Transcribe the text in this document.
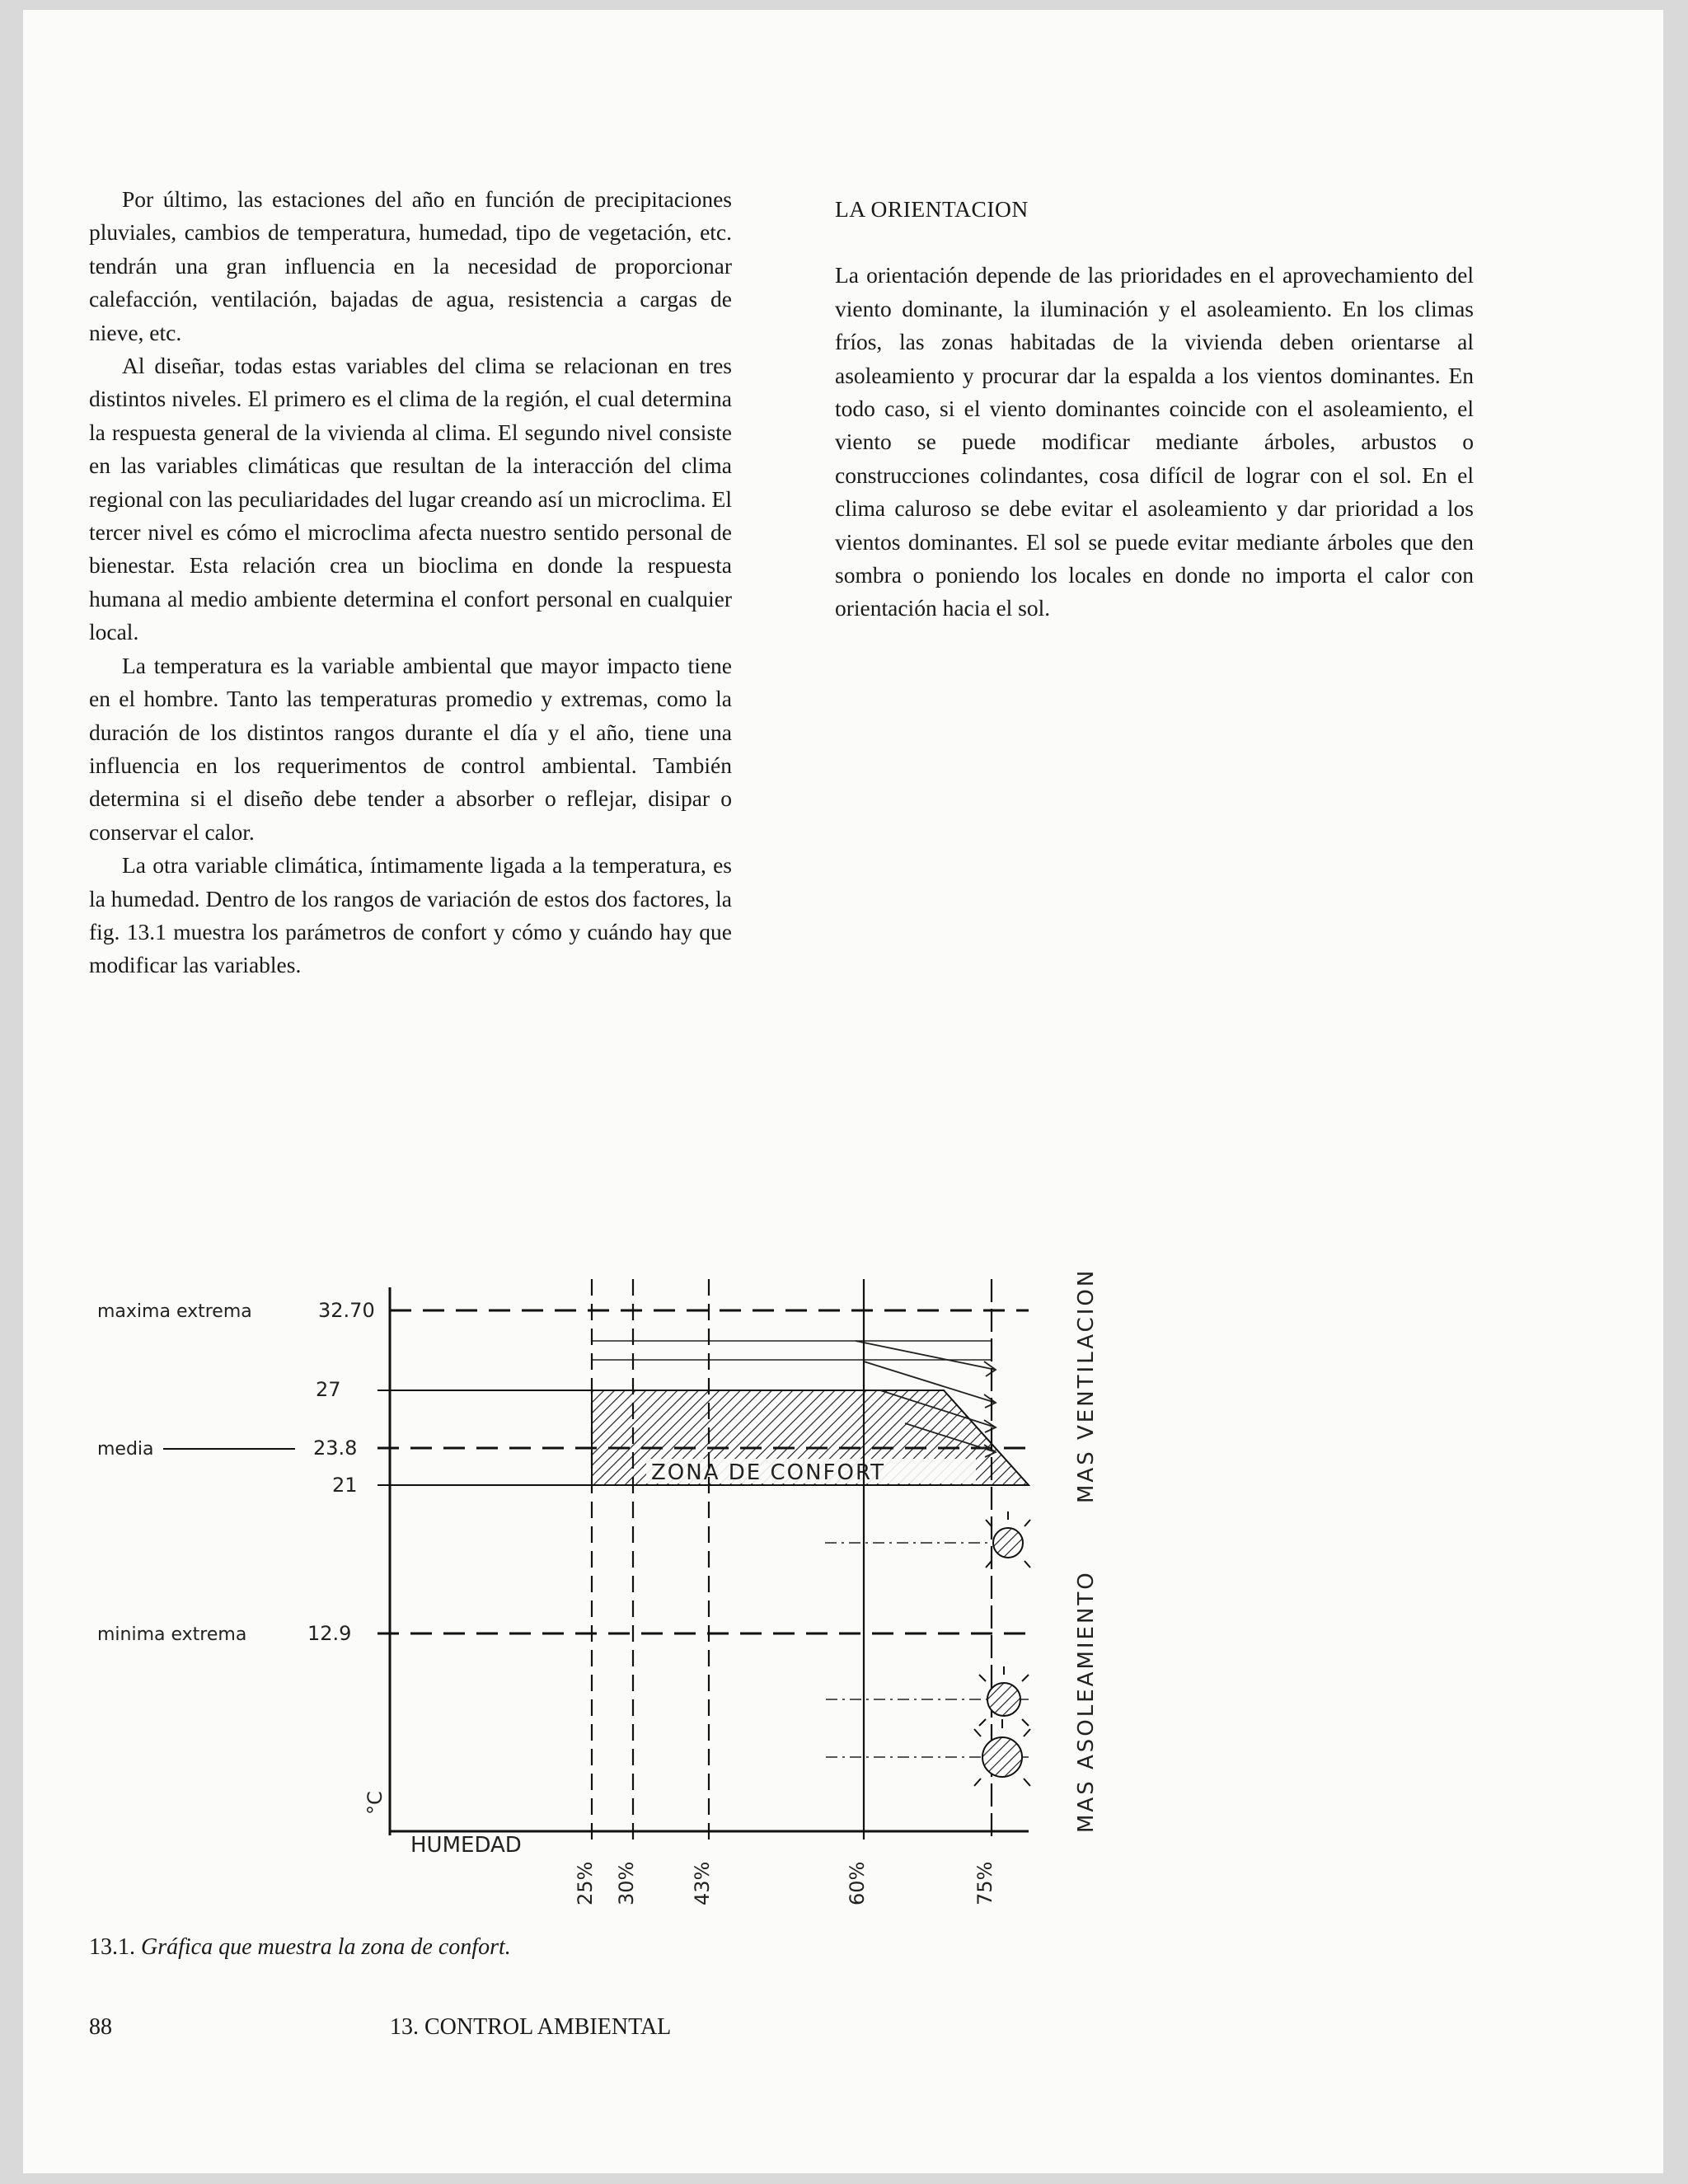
Por último, las estaciones del año en función de precipitaciones pluviales, cambios de temperatura, humedad, tipo de vegetación, etc. tendrán una gran influencia en la necesidad de proporcionar calefacción, ventilación, bajadas de agua, resistencia a cargas de nieve, etc.

Al diseñar, todas estas variables del clima se relacionan en tres distintos niveles. El primero es el clima de la región, el cual determina la respuesta general de la vivienda al clima. El segundo nivel consiste en las variables climáticas que resultan de la interacción del clima regional con las peculiaridades del lugar creando así un microclima. El tercer nivel es cómo el microclima afecta nuestro sentido personal de bienestar. Esta relación crea un bioclima en donde la respuesta humana al medio ambiente determina el confort personal en cualquier local.

La temperatura es la variable ambiental que mayor impacto tiene en el hombre. Tanto las temperaturas promedio y extremas, como la duración de los distintos rangos durante el día y el año, tiene una influencia en los requerimentos de control ambiental. También determina si el diseño debe tender a absorber o reflejar, disipar o conservar el calor.

La otra variable climática, íntimamente ligada a la temperatura, es la humedad. Dentro de los rangos de variación de estos dos factores, la fig. 13.1 muestra los parámetros de confort y cómo y cuándo hay que modificar las variables.

LA ORIENTACION

La orientación depende de las prioridades en el aprovechamiento del viento dominante, la iluminación y el asoleamiento. En los climas fríos, las zonas habitadas de la vivienda deben orientarse al asoleamiento y procurar dar la espalda a los vientos dominantes. En todo caso, si el viento dominantes coincide con el asoleamiento, el viento se puede modificar mediante árboles, arbustos o construcciones colindantes, cosa difícil de lograr con el sol. En el clima caluroso se debe evitar el asoleamiento y dar prioridad a los vientos dominantes. El sol se puede evitar mediante árboles que den sombra o poniendo los locales en donde no importa el calor con orientación hacia el sol.

ZONA DE CONFORT
maxima extrema	32.70
27
media	23.8
21
minima extrema	12.9
°C
HUMEDAD
25% 30%	43%	60%	75%
MAS VENTILACION
MAS ASOLEAMIENTO
13.1. Gráfica que muestra la zona de confort.
88	13. CONTROL AMBIENTAL
